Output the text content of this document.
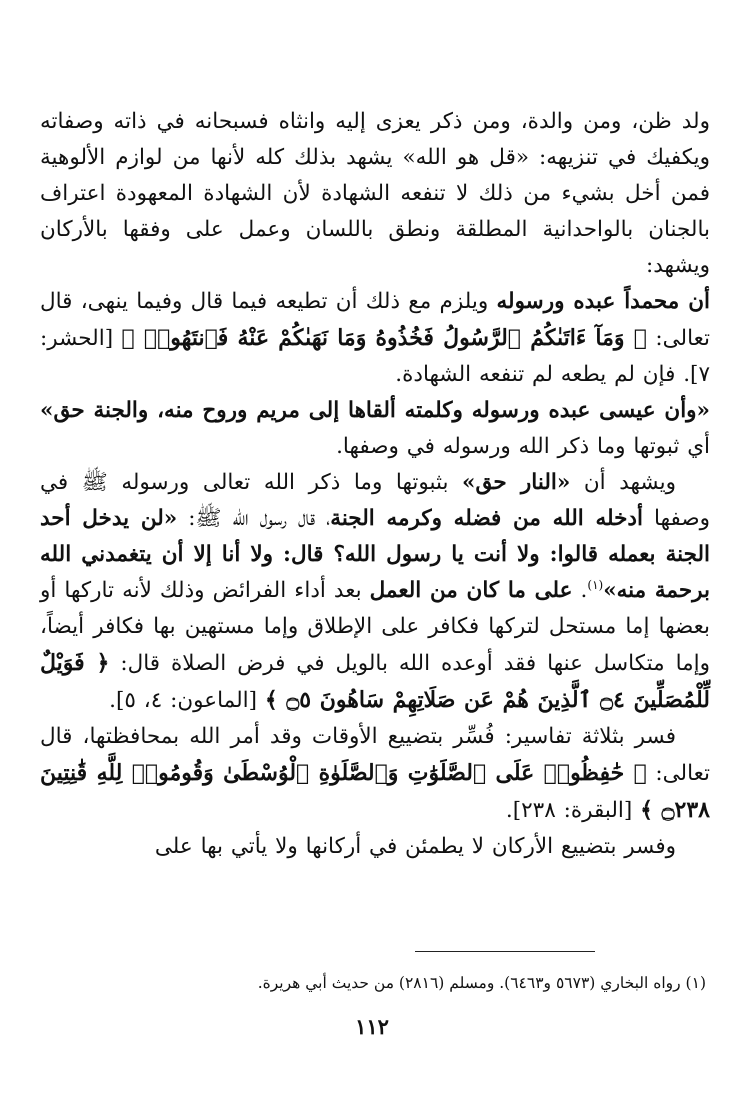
ولد ظن، ومن والدة، ومن ذكر يعزى إليه وانثاه فسبحانه في ذاته وصفاته ويكفيك في تنزيهه: «قل هو الله» يشهد بذلك كله لأنها من لوازم الألوهية فمن أخل بشيء من ذلك لا تنفعه الشهادة لأن الشهادة المعهودة اعتراف بالجنان بالواحدانية المطلقة ونطق باللسان وعمل على وفقها بالأركان ويشهد:

أن محمداً عبده ورسوله ويلزم مع ذلك أن تطيعه فيما قال وفيما ينهى، قال تعالى: ﴿ وَمَآ ءَاتَىٰكُمُ ٱلرَّسُولُ فَخُذُوهُ وَمَا نَهَىٰكُمْ عَنْهُ فَٱنتَهُوا۟ ﴾ [الحشر: ٧]. فإن لم يطعه لم تنفعه الشهادة.

«وأن عيسى عبده ورسوله وكلمته ألقاها إلى مريم وروح منه، والجنة حق» أي ثبوتها وما ذكر الله ورسوله في وصفها.

ويشهد أن «النار حق» بثبوتها وما ذكر الله تعالى ورسوله ﷺ في وصفها أدخله الله من فضله وكرمه الجنة، قال رسول الله ﷺ: «لن يدخل أحد الجنة بعمله قالوا: ولا أنت يا رسول الله؟ قال: ولا أنا إلا أن يتغمدني الله برحمة منه»$^{(١)}$. على ما كان من العمل بعد أداء الفرائض وذلك لأنه تاركها أو بعضها إما مستحل لتركها فكافر على الإطلاق وإما مستهين بها فكافر أيضاً، وإما متكاسل عنها فقد أوعده الله بالويل في فرض الصلاة قال: ﴿ فَوَيْلٌ لِّلْمُصَلِّينَ ۝٤ ٱلَّذِينَ هُمْ عَن صَلَاتِهِمْ سَاهُونَ ۝٥ ﴾ [الماعون: ٤، ٥].

فسر بثلاثة تفاسير: فُسِّر بتضييع الأوقات وقد أمر الله بمحافظتها، قال تعالى: ﴿ حَٰفِظُوا۟ عَلَى ٱلصَّلَوَٰتِ وَٱلصَّلَوٰةِ ٱلْوُسْطَىٰ وَقُومُوا۟ لِلَّهِ قَٰنِتِينَ ۝٢٣٨ ﴾ [البقرة: ٢٣٨].

وفسر بتضييع الأركان لا يطمئن في أركانها ولا يأتي بها على

(١) رواه البخاري (٥٦٧٣ و٦٤٦٣). ومسلم (٢٨١٦) من حديث أبي هريرة.
١١٢
